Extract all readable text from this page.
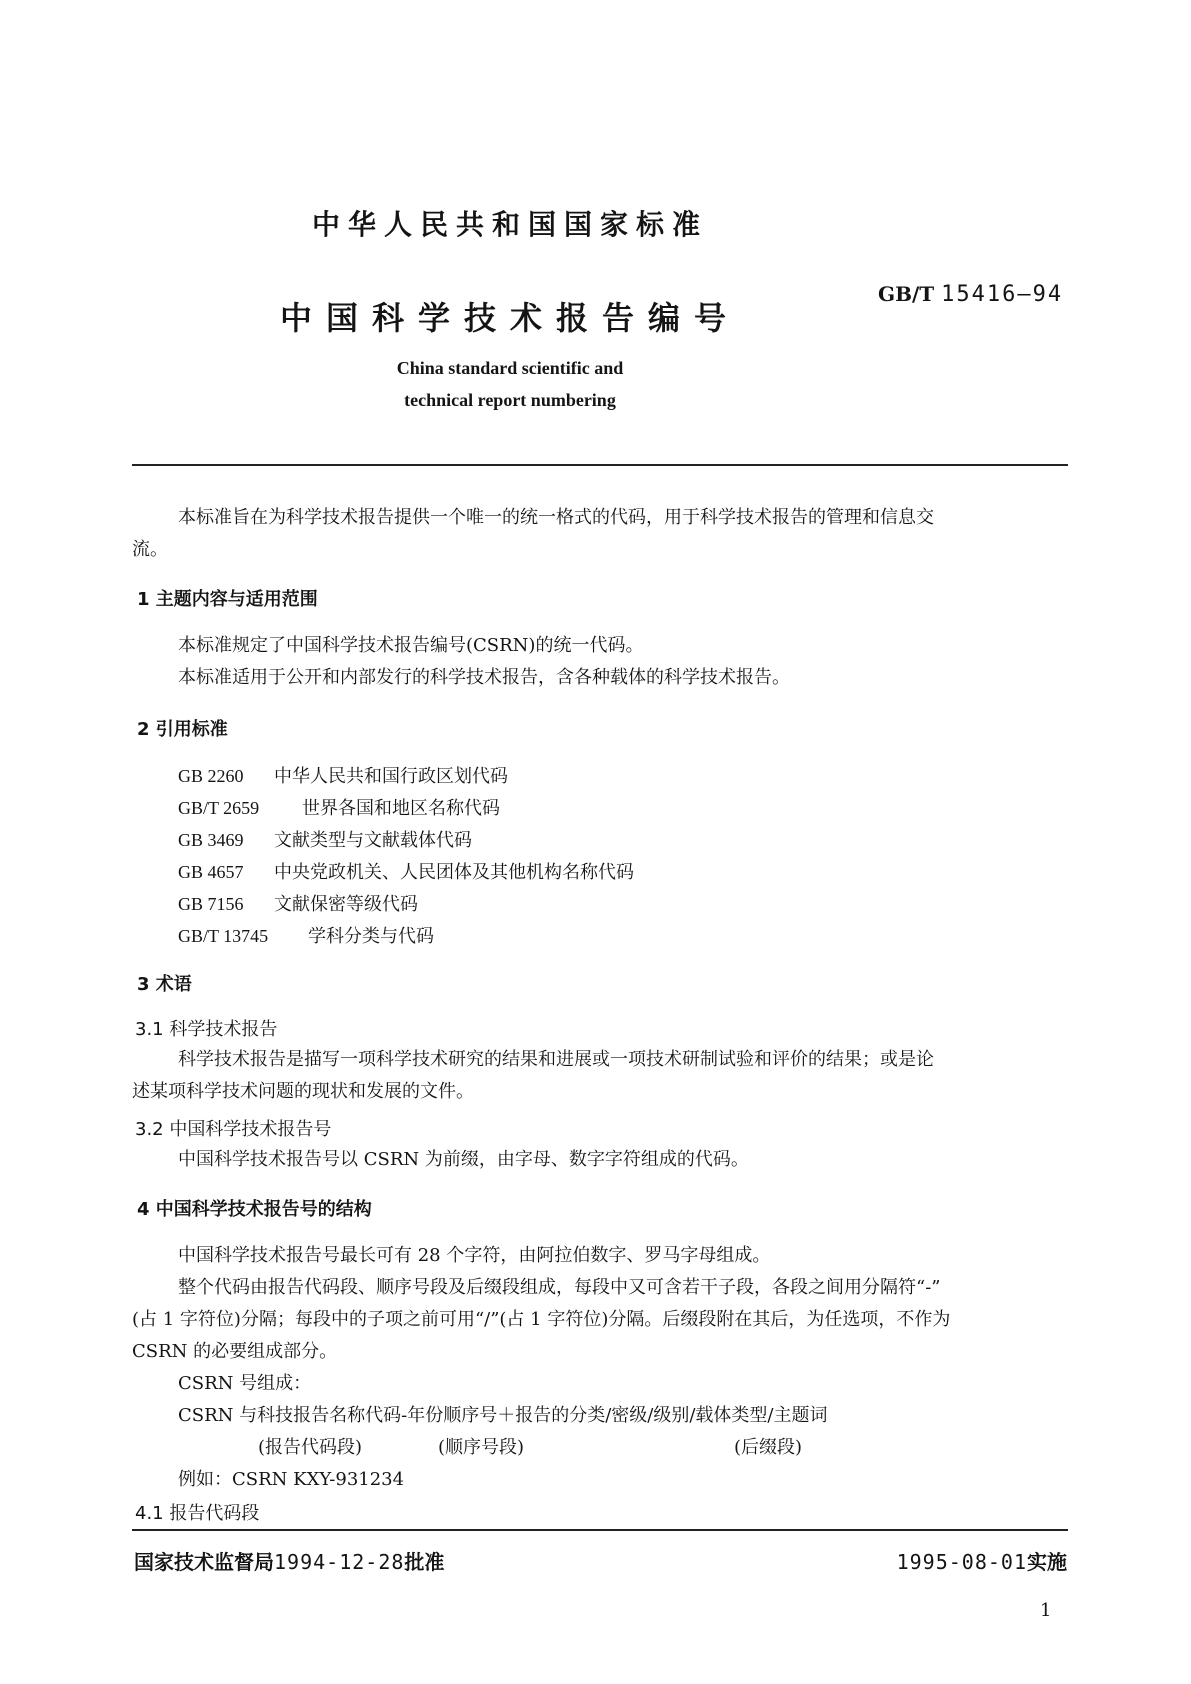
中华人民共和国国家标准
中国科学技术报告编号
GB/T 15416—94
China standard scientific and
technical report numbering
本标准旨在为科学技术报告提供一个唯一的统一格式的代码，用于科学技术报告的管理和信息交
流。
1 主题内容与适用范围
本标准规定了中国科学技术报告编号(CSRN)的统一代码。
本标准适用于公开和内部发行的科学技术报告，含各种载体的科学技术报告。
2 引用标准
GB 2260 中华人民共和国行政区划代码
GB/T 2659 世界各国和地区名称代码
GB 3469 文献类型与文献载体代码
GB 4657 中央党政机关、人民团体及其他机构名称代码
GB 7156 文献保密等级代码
GB/T 13745 学科分类与代码
3 术语
3.1 科学技术报告
科学技术报告是描写一项科学技术研究的结果和进展或一项技术研制试验和评价的结果；或是论
述某项科学技术问题的现状和发展的文件。
3.2 中国科学技术报告号
中国科学技术报告号以 CSRN 为前缀，由字母、数字字符组成的代码。
4 中国科学技术报告号的结构
中国科学技术报告号最长可有 28 个字符，由阿拉伯数字、罗马字母组成。
整个代码由报告代码段、顺序号段及后缀段组成，每段中又可含若干子段，各段之间用分隔符“-”
(占 1 字符位)分隔；每段中的子项之前可用“/”(占 1 字符位)分隔。后缀段附在其后，为任选项，不作为
CSRN 的必要组成部分。
CSRN 号组成：
CSRN 与科技报告名称代码-年份顺序号＋报告的分类/密级/级别/载体类型/主题词
(报告代码段)	(顺序号段)	(后缀段)
例如：CSRN KXY-931234
4.1 报告代码段
国家技术监督局1994-12-28批准	1995-08-01实施
1
